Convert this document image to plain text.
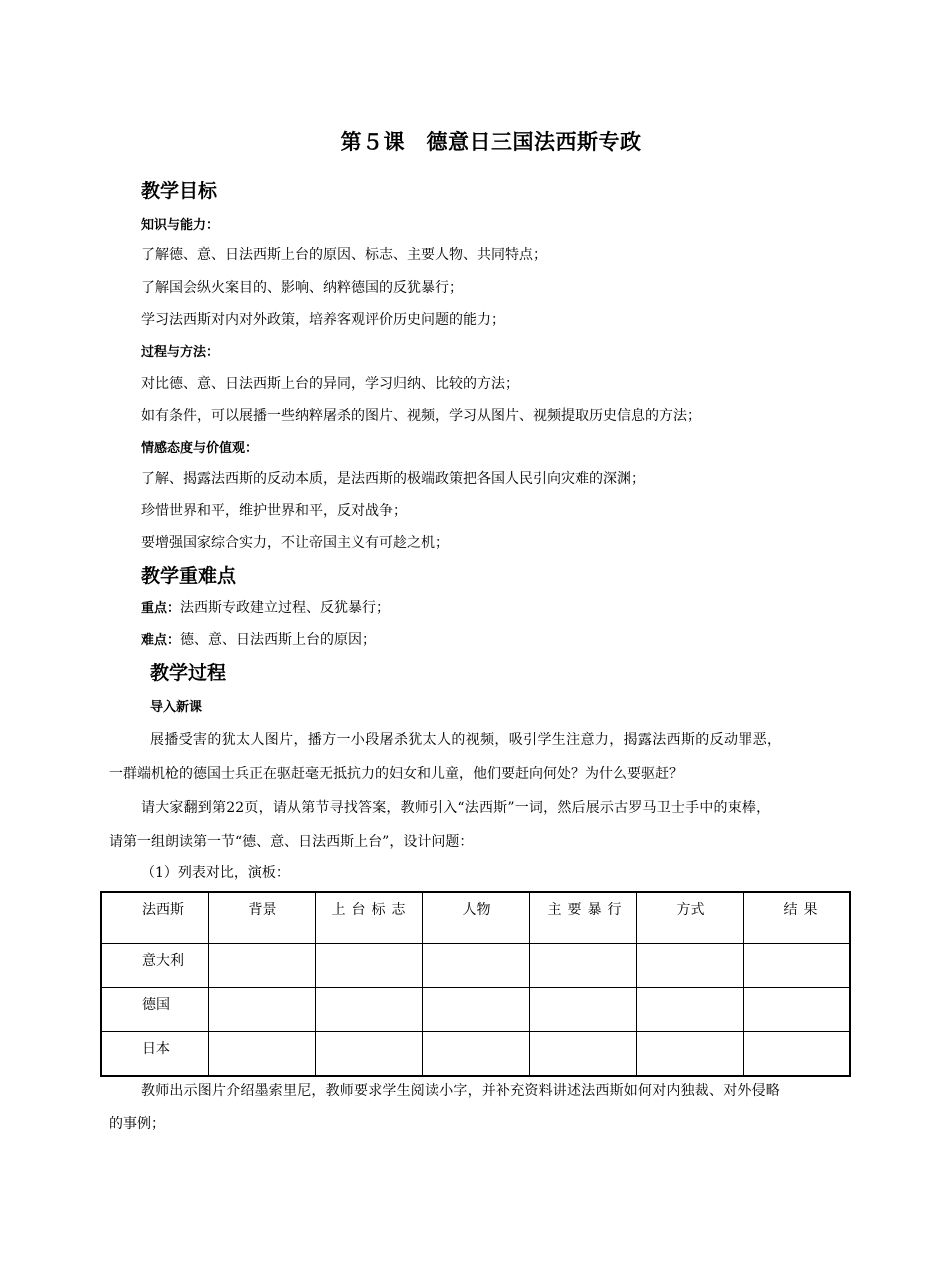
第５课　德意日三国法西斯专政
教学目标
知识与能力：
了解德、意、日法西斯上台的原因、标志、主要人物、共同特点；
了解国会纵火案目的、影响、纳粹德国的反犹暴行；
学习法西斯对内对外政策，培养客观评价历史问题的能力；
过程与方法：
对比德、意、日法西斯上台的异同，学习归纳、比较的方法；
如有条件，可以展播一些纳粹屠杀的图片、视频，学习从图片、视频提取历史信息的方法；
情感态度与价值观：
了解、揭露法西斯的反动本质，是法西斯的极端政策把各国人民引向灾难的深渊；
珍惜世界和平，维护世界和平，反对战争；
要增强国家综合实力，不让帝国主义有可趁之机；
教学重难点
重点：法西斯专政建立过程、反犹暴行；
难点：德、意、日法西斯上台的原因；
教学过程
导入新课
展播受害的犹太人图片，播方一小段屠杀犹太人的视频，吸引学生注意力，揭露法西斯的反动罪恶，
一群端机枪的德国士兵正在驱赶毫无抵抗力的妇女和儿童，他们要赶向何处？为什么要驱赶？
请大家翻到第22页，请从第节寻找答案，教师引入“法西斯”一词，然后展示古罗马卫士手中的束棒，
请第一组朗读第一节“德、意、日法西斯上台”，设计问题：
（1）列表对比，演板：
法西斯	背景	上台标志	人物	主要暴行	方式	结果
意大利						
德国						
日本						
教师出示图片介绍墨索里尼，教师要求学生阅读小字，并补充资料讲述法西斯如何对内独裁、对外侵略
的事例；
